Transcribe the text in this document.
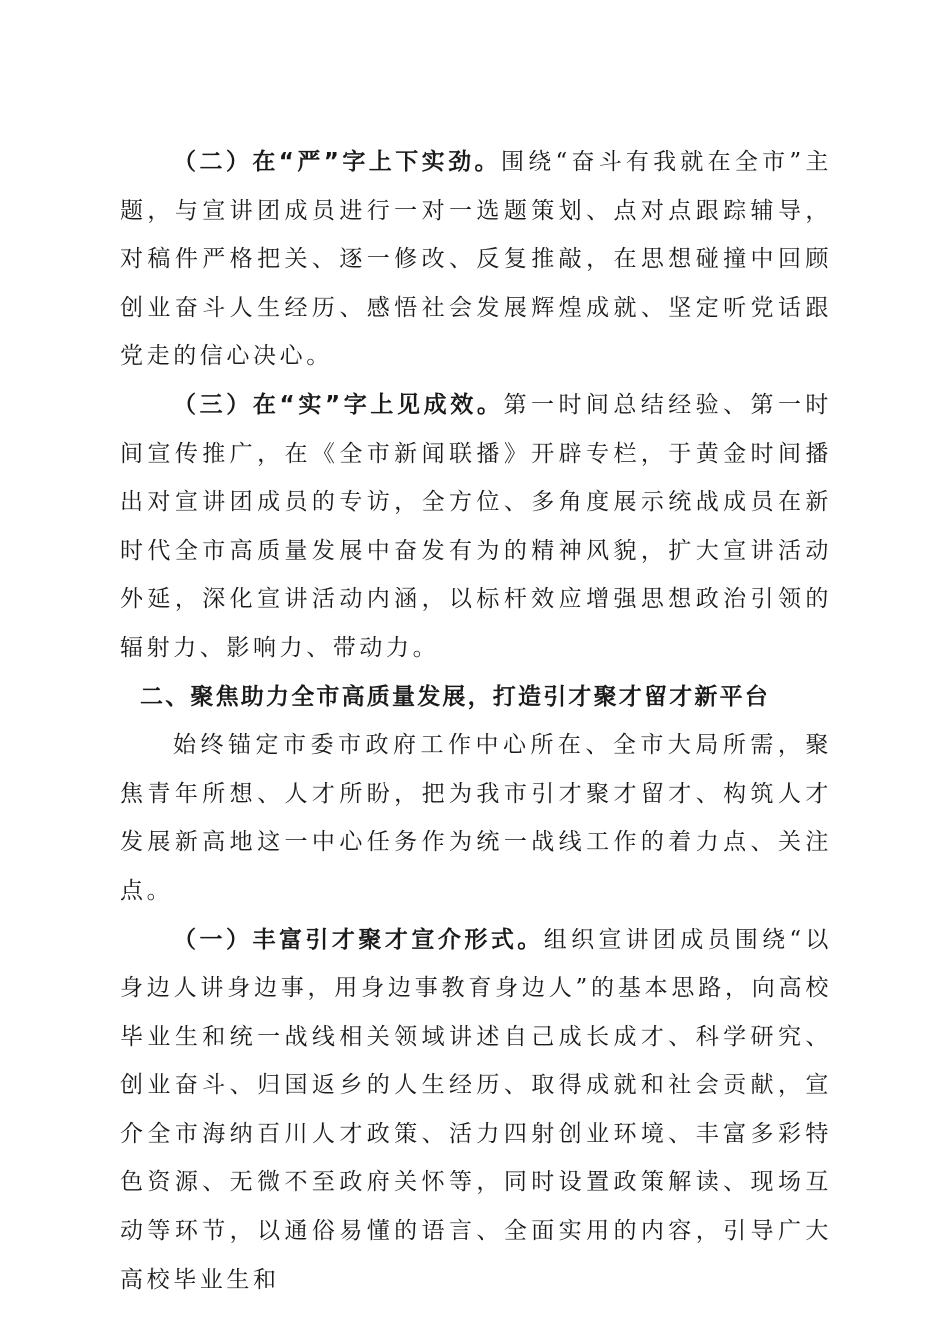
（二）在“严”字上下实劲。围绕“奋斗有我就在全市”主题，与宣讲团成员进行一对一选题策划、点对点跟踪辅导，对稿件严格把关、逐一修改、反复推敲，在思想碰撞中回顾创业奋斗人生经历、感悟社会发展辉煌成就、坚定听党话跟党走的信心决心。

（三）在“实”字上见成效。第一时间总结经验、第一时间宣传推广，在《全市新闻联播》开辟专栏，于黄金时间播出对宣讲团成员的专访，全方位、多角度展示统战成员在新时代全市高质量发展中奋发有为的精神风貌，扩大宣讲活动外延，深化宣讲活动内涵，以标杆效应增强思想政治引领的辐射力、影响力、带动力。

二、聚焦助力全市高质量发展，打造引才聚才留才新平台

始终锚定市委市政府工作中心所在、全市大局所需，聚焦青年所想、人才所盼，把为我市引才聚才留才、构筑人才发展新高地这一中心任务作为统一战线工作的着力点、关注点。

（一）丰富引才聚才宣介形式。组织宣讲团成员围绕“以身边人讲身边事，用身边事教育身边人”的基本思路，向高校毕业生和统一战线相关领域讲述自己成长成才、科学研究、创业奋斗、归国返乡的人生经历、取得成就和社会贡献，宣介全市海纳百川人才政策、活力四射创业环境、丰富多彩特色资源、无微不至政府关怀等，同时设置政策解读、现场互动等环节，以通俗易懂的语言、全面实用的内容，引导广大高校毕业生和
